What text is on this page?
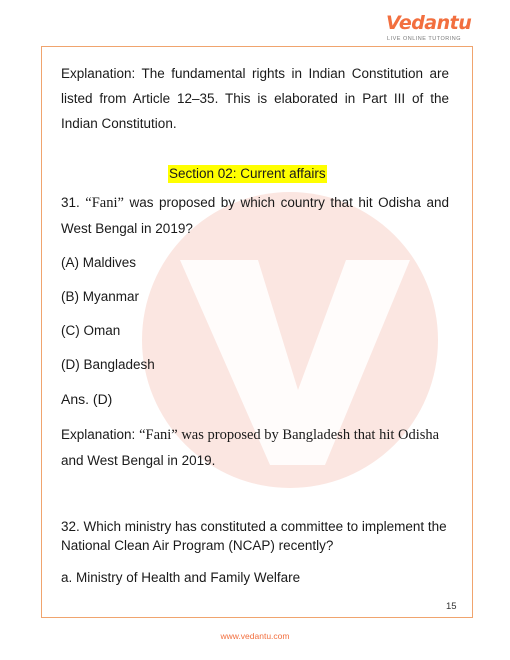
Vedantu
LIVE ONLINE TUTORING

Explanation: The fundamental rights in Indian Constitution are listed from Article 12–35. This is elaborated in Part III of the Indian Constitution.

Section 02: Current affairs

31. “Fani” was proposed by which country that hit Odisha and West Bengal in 2019?

(A) Maldives

(B) Myanmar

(C) Oman

(D) Bangladesh

Ans. (D)

Explanation: “Fani” was proposed by Bangladesh that hit Odisha

and West Bengal in 2019.

32. Which ministry has constituted a committee to implement the National Clean Air Program (NCAP) recently?

a. Ministry of Health and Family Welfare

15
www.vedantu.com
